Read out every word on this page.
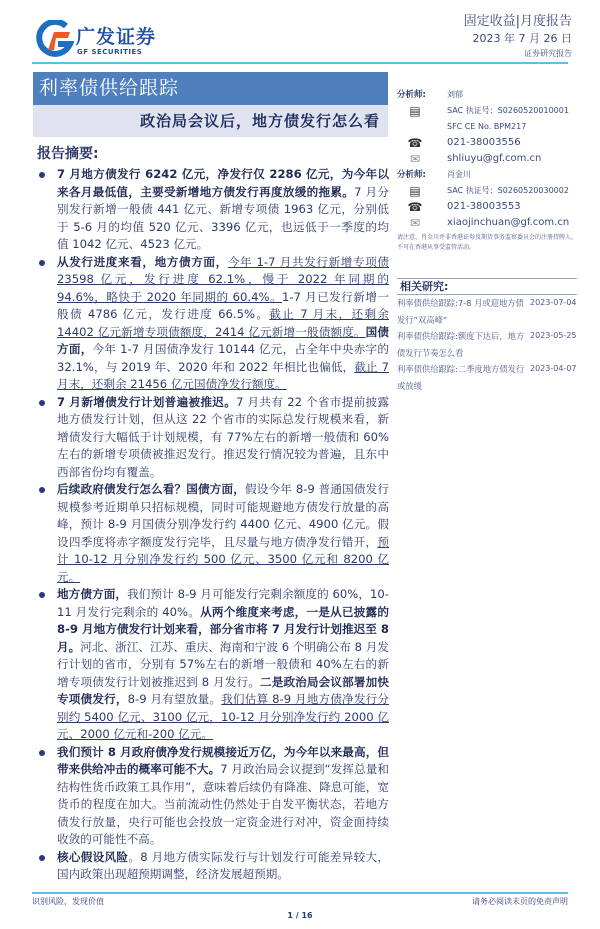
广发证券
GF SECURITIES
固定收益|月度报告
2023 年 7 月 26 日
证券研究报告
利率债供给跟踪
政治局会议后，地方债发行怎么看
报告摘要:
7 月地方债发行 6242 亿元，净发行仅 2286 亿元，为今年以来各月最低值，主要受新增地方债发行再度放缓的拖累。7 月分别发行新增一般债 441 亿元、新增专项债 1963 亿元，分别低于 5-6 月的均值 520 亿元、3396 亿元，也远低于一季度的均值 1042 亿元、4523 亿元。
从发行进度来看，地方债方面，今年 1-7 月共发行新增专项债 23598 亿元，发行进度 62.1%，慢于 2022 年同期的 94.6%，略快于 2020 年同期的 60.4%。1-7 月已发行新增一般债 4786 亿元，发行进度 66.5%。截止 7 月末，还剩余 14402 亿元新增专项债额度，2414 亿元新增一般债额度。国债方面，今年 1-7 月国债净发行 10144 亿元，占全年中央赤字的 32.1%，与 2019 年、2020 年和 2022 年相比也偏低，截止 7 月末，还剩余 21456 亿元国债净发行额度。
7 月新增债发行计划普遍被推迟。7 月共有 22 个省市提前披露地方债发行计划，但从这 22 个省市的实际总发行规模来看，新增债发行大幅低于计划规模，有 77%左右的新增一般债和 60%左右的新增专项债被推迟发行。推迟发行情况较为普遍，且东中西部省份均有覆盖。
后续政府债发行怎么看？国债方面，假设今年 8-9 普通国债发行规模参考近期单只招标规模，同时可能规避地方债发行放量的高峰，预计 8-9 月国债分别净发行约 4400 亿元、4900 亿元。假设四季度将赤字额度发行完毕，且尽量与地方债净发行错开，预计 10-12 月分别净发行约 500 亿元、3500 亿元和 8200 亿元。
地方债方面，我们预计 8-9 月可能发行完剩余额度的 60%，10-11 月发行完剩余的 40%。从两个维度来考虑，一是从已披露的 8-9 月地方债发行计划来看，部分省市将 7 月发行计划推迟至 8 月。河北、浙江、江苏、重庆、海南和宁波 6 个明确公布 8 月发行计划的省市，分别有 57%左右的新增一般债和 40%左右的新增专项债发行计划被推迟到 8 月发行。二是政治局会议部署加快专项债发行，8-9 月有望放量。我们估算 8-9 月地方债净发行分别约 5400 亿元、3100 亿元，10-12 月分别净发行约 2000 亿元、2000 亿元和-200 亿元。
我们预计 8 月政府债净发行规模接近万亿，为今年以来最高，但带来供给冲击的概率可能不大。7 月政治局会议提到“发挥总量和结构性货币政策工具作用”，意味着后续仍有降准、降息可能，宽货币的程度在加大。当前流动性仍然处于自发平衡状态，若地方债发行放量，央行可能也会投放一定资金进行对冲，资金面持续收敛的可能性不高。
核心假设风险。8 月地方债实际发行与计划发行可能差异较大，国内政策出现超预期调整，经济发展超预期。
分析师:	刘郁
▤	SAC 执证号：S0260520010001
SFC CE No. BPM217
☎ 021-38003556
✉	shliuyu@gf.com.cn
分析师:	肖金川
▤	SAC 执证号：S0260520030002
☎ 021-38003553
✉	xiaojinchuan@gf.com.cn
请注意，肖金川并非香港证券及期货事务监察委员会的注册持牌人，不可在香港从事受监管活动。
相关研究:
利率债供给跟踪:7-8 月或迎地方债发行“双高峰”
2023-07-04
利率债供给跟踪:额度下达后，地方债发行节奏怎么看
2023-05-25
利率债供给跟踪:二季度地方债发行或放缓
2023-04-07
识别风险，发现价值	请务必阅读末页的免责声明
1 / 16
